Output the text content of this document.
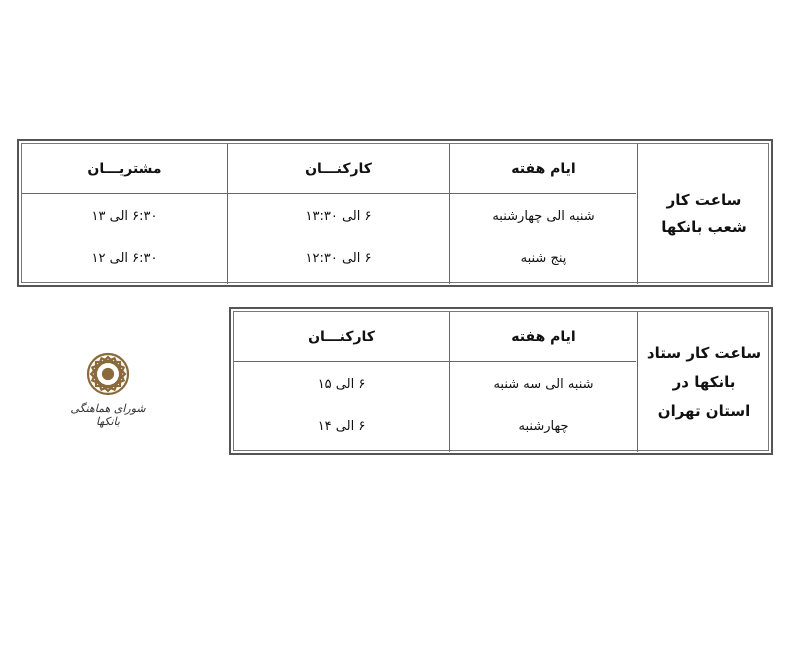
مشتریـــان	کارکنـــان	ایام هفته
ساعت کار
شعب بانکها
۶:۳۰ الی ۱۳	۶ الی ۱۳:۳۰	شنبه الی چهارشنبه
۶:۳۰ الی ۱۲	۶ الی ۱۲:۳۰	پنج شنبه
کارکنـــان	ایام هفته
ساعت کار ستاد
بانکها در
استان تهران
۶ الی ۱۵	شنبه الی سه شنبه
۶ الی ۱۴	چهارشنبه
شورای هماهنگی بانکها
